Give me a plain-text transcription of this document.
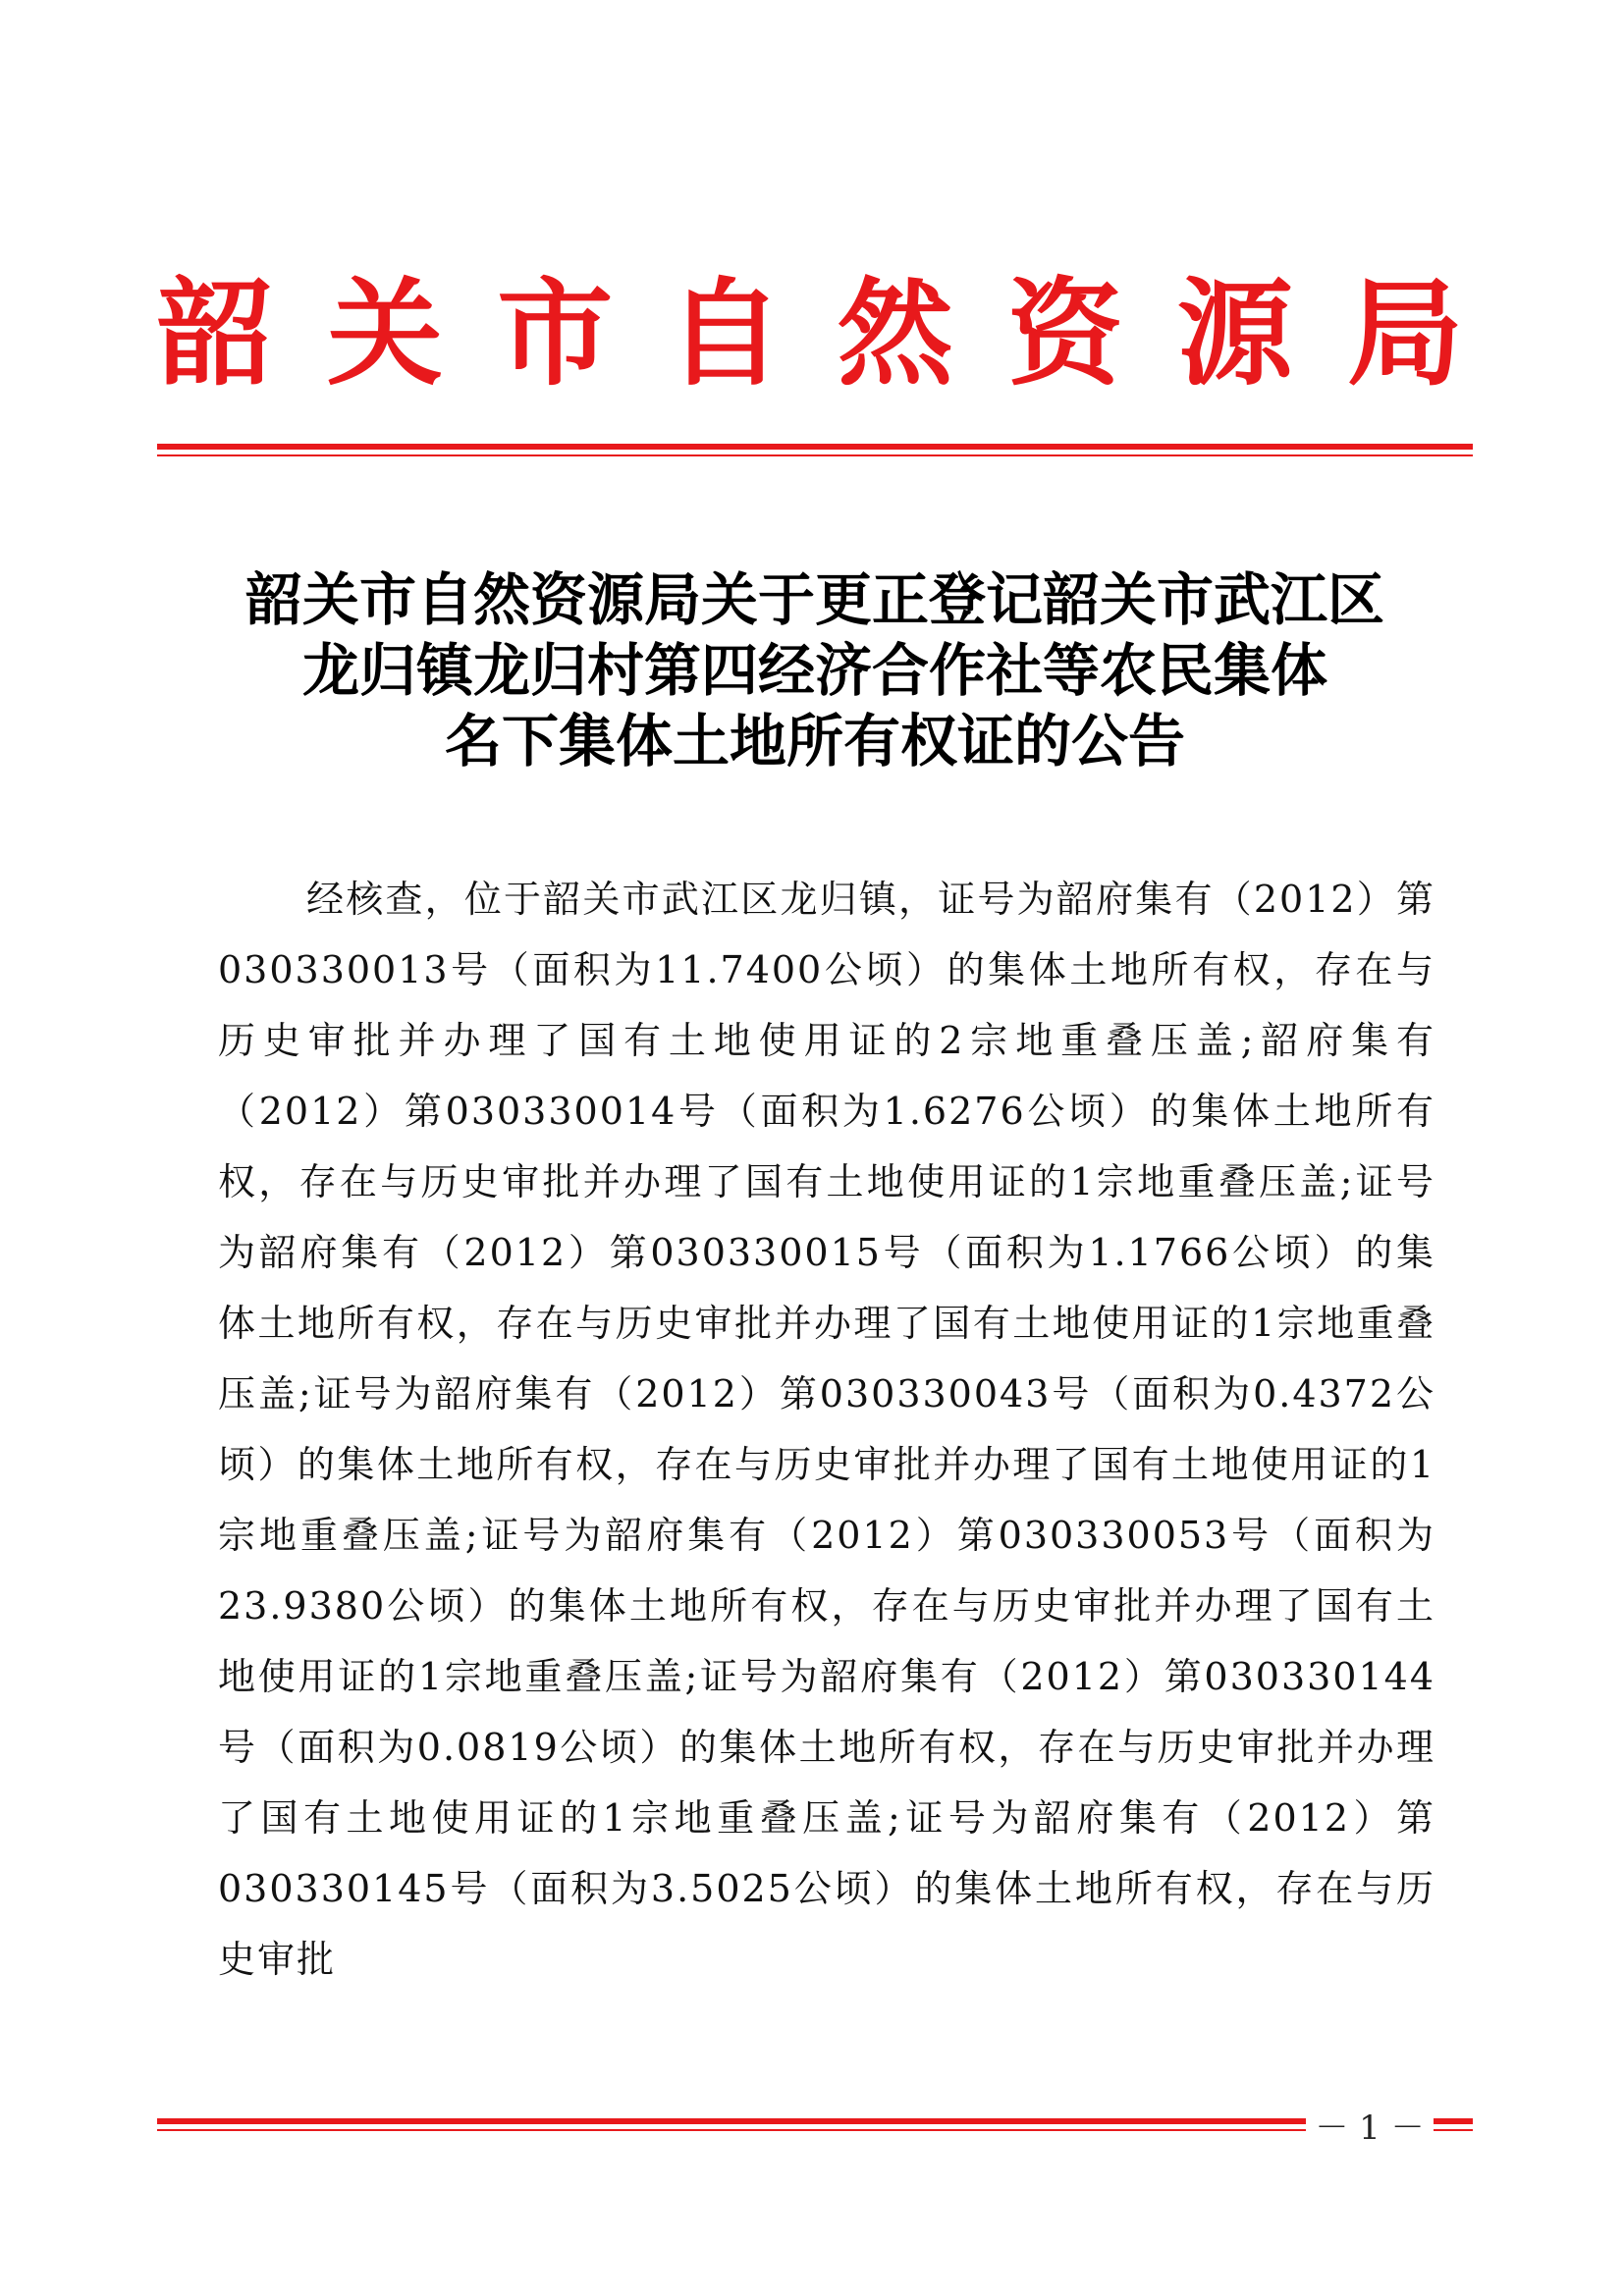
韶 关 市 自 然 资 源 局
韶关市自然资源局关于更正登记韶关市武江区
龙归镇龙归村第四经济合作社等农民集体
名下集体土地所有权证的公告

经核查，位于韶关市武江区龙归镇，证号为韶府集有（2012）第030330013号（面积为11.7400公顷）的集体土地所有权，存在与历史审批并办理了国有土地使用证的2宗地重叠压盖;韶府集有（2012）第030330014号（面积为1.6276公顷）的集体土地所有权，存在与历史审批并办理了国有土地使用证的1宗地重叠压盖;证号为韶府集有（2012）第030330015号（面积为1.1766公顷）的集体土地所有权，存在与历史审批并办理了国有土地使用证的1宗地重叠压盖;证号为韶府集有（2012）第030330043号（面积为0.4372公顷）的集体土地所有权，存在与历史审批并办理了国有土地使用证的1宗地重叠压盖;证号为韶府集有（2012）第030330053号（面积为23.9380公顷）的集体土地所有权，存在与历史审批并办理了国有土地使用证的1宗地重叠压盖;证号为韶府集有（2012）第030330144号（面积为0.0819公顷）的集体土地所有权，存在与历史审批并办理了国有土地使用证的1宗地重叠压盖;证号为韶府集有（2012）第030330145号（面积为3.5025公顷）的集体土地所有权，存在与历史审批

－ 1 －
